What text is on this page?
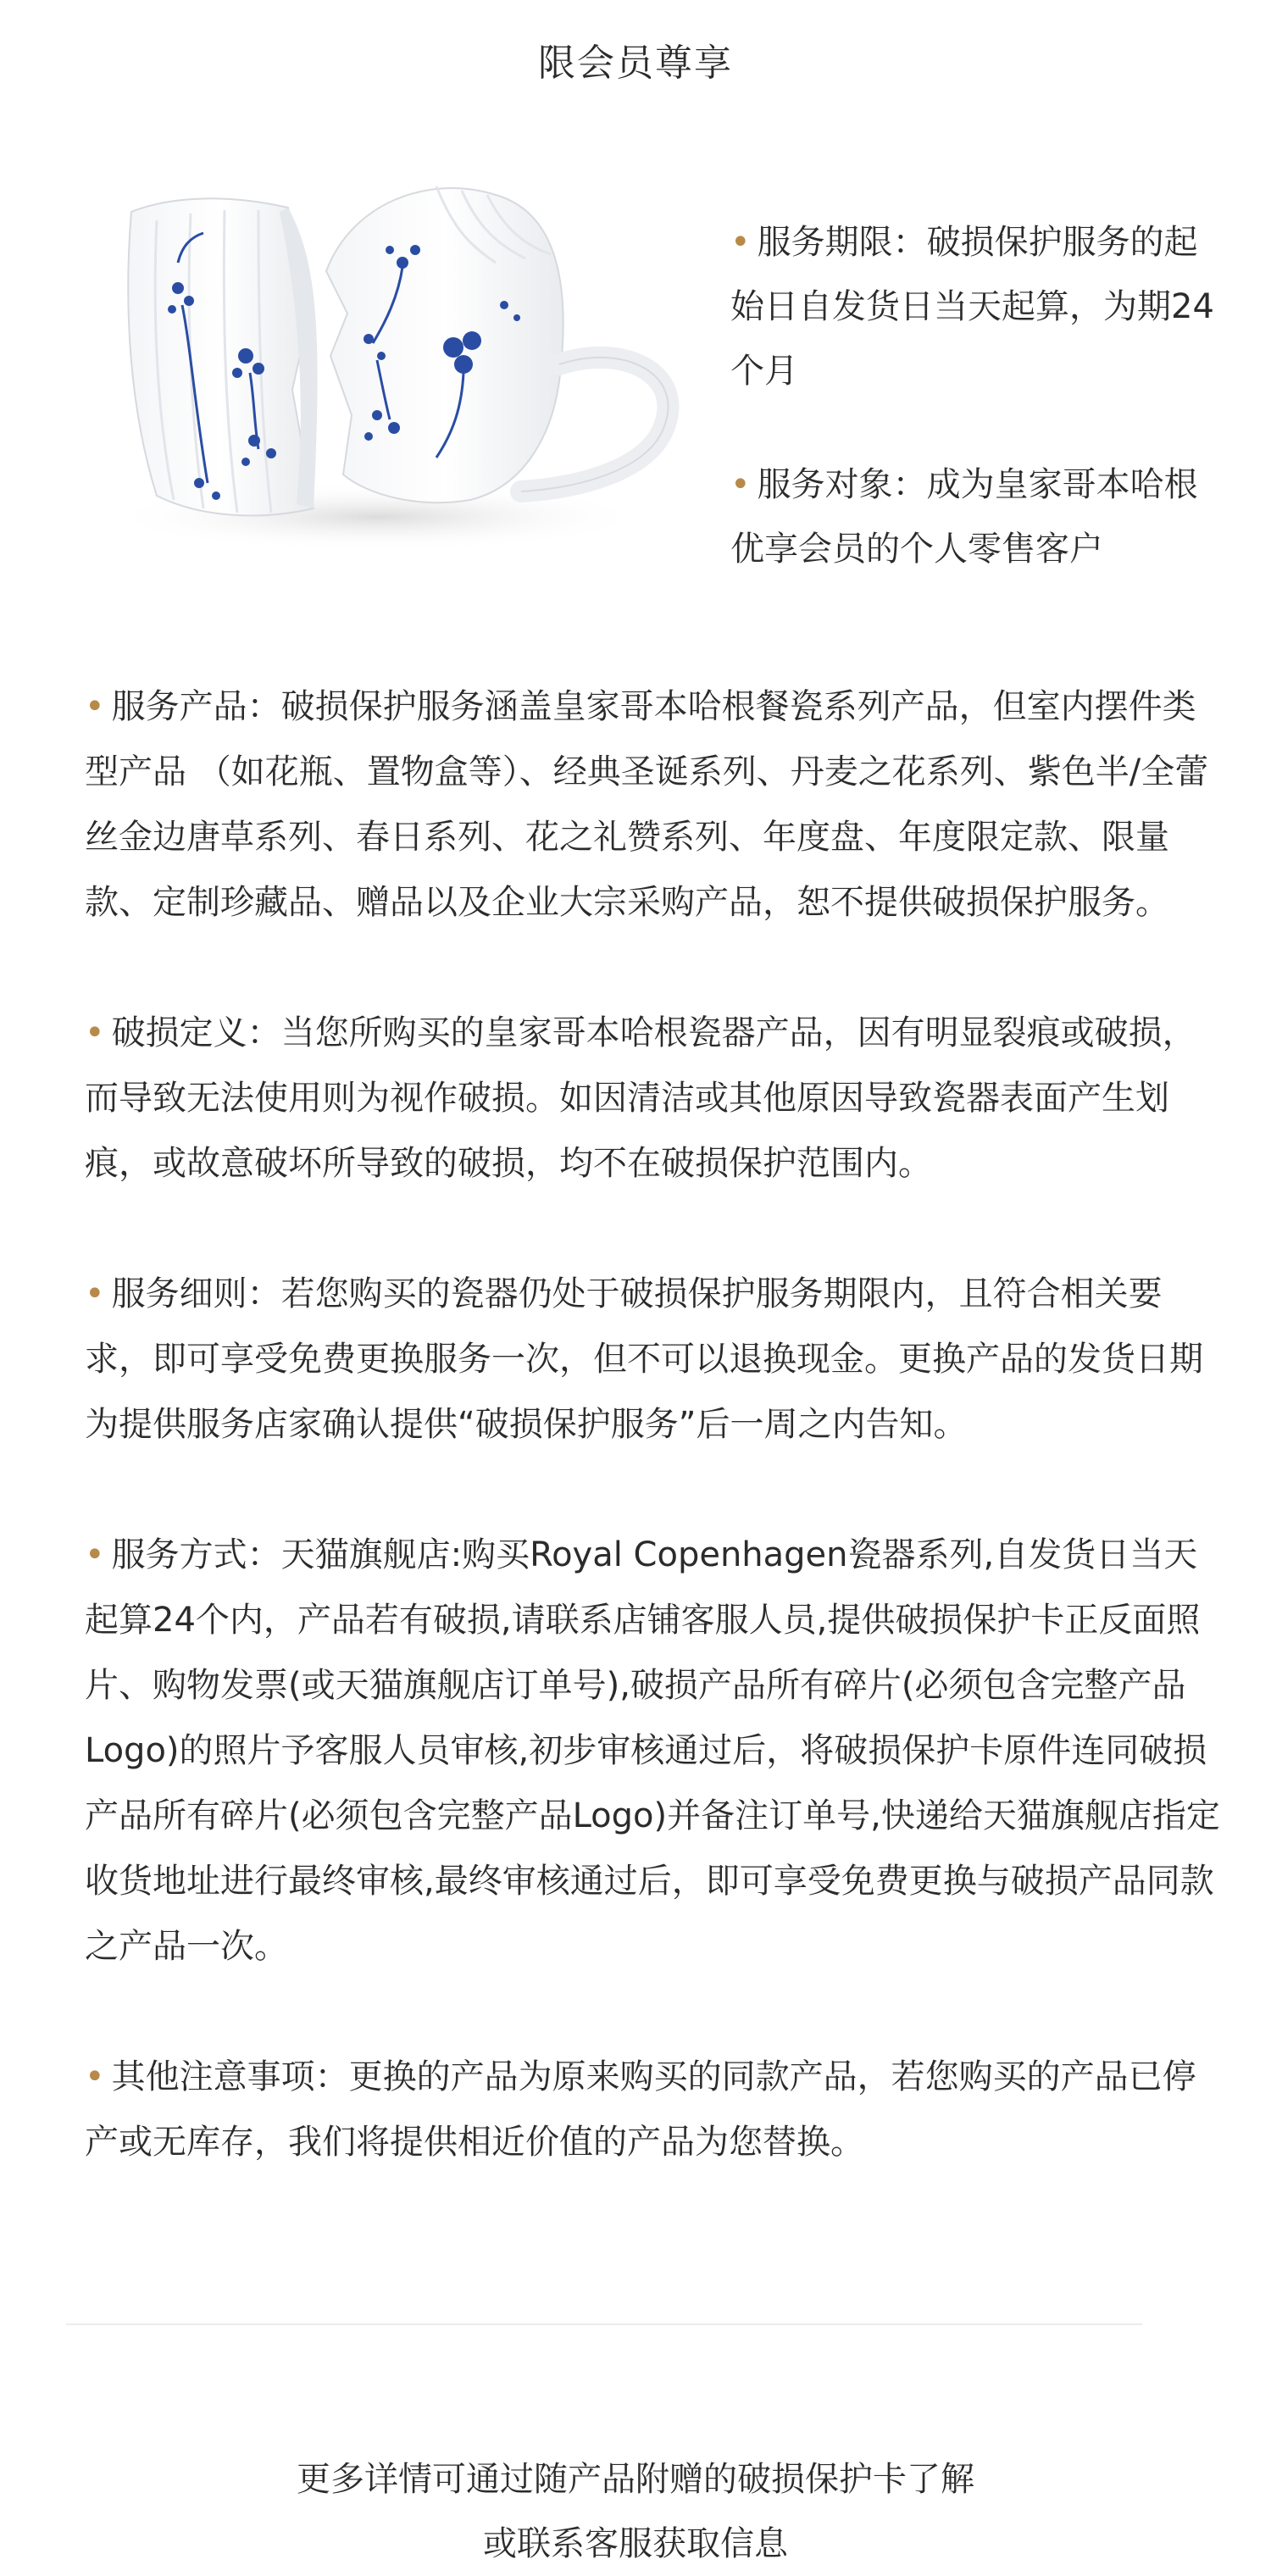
限会员尊享
• 服务期限：破损保护服务的起始日自发货日当天起算，为期24个月
• 服务对象：成为皇家哥本哈根优享会员的个人零售客户
• 服务产品：破损保护服务涵盖皇家哥本哈根餐瓷系列产品，但室内摆件类型产品 （如花瓶、置物盒等）、经典圣诞系列、丹麦之花系列、紫色半/全蕾丝金边唐草系列、春日系列、花之礼赞系列、年度盘、年度限定款、限量款、定制珍藏品、赠品以及企业大宗采购产品，恕不提供破损保护服务。
• 破损定义：当您所购买的皇家哥本哈根瓷器产品，因有明显裂痕或破损，而导致无法使用则为视作破损。如因清洁或其他原因导致瓷器表面产生划痕，或故意破坏所导致的破损，均不在破损保护范围内。
• 服务细则：若您购买的瓷器仍处于破损保护服务期限内，且符合相关要求，即可享受免费更换服务一次，但不可以退换现金。更换产品的发货日期为提供服务店家确认提供“破损保护服务”后一周之内告知。
• 服务方式：天猫旗舰店:购买Royal Copenhagen瓷器系列,自发货日当天起算24个内，产品若有破损,请联系店铺客服人员,提供破损保护卡正反面照片、购物发票(或天猫旗舰店订单号),破损产品所有碎片(必须包含完整产品Logo)的照片予客服人员审核,初步审核通过后，将破损保护卡原件连同破损产品所有碎片(必须包含完整产品Logo)并备注订单号,快递给天猫旗舰店指定收货地址进行最终审核,最终审核通过后，即可享受免费更换与破损产品同款之产品一次。
• 其他注意事项：更换的产品为原来购买的同款产品，若您购买的产品已停产或无库存，我们将提供相近价值的产品为您替换。
更多详情可通过随产品附赠的破损保护卡了解
或联系客服获取信息
